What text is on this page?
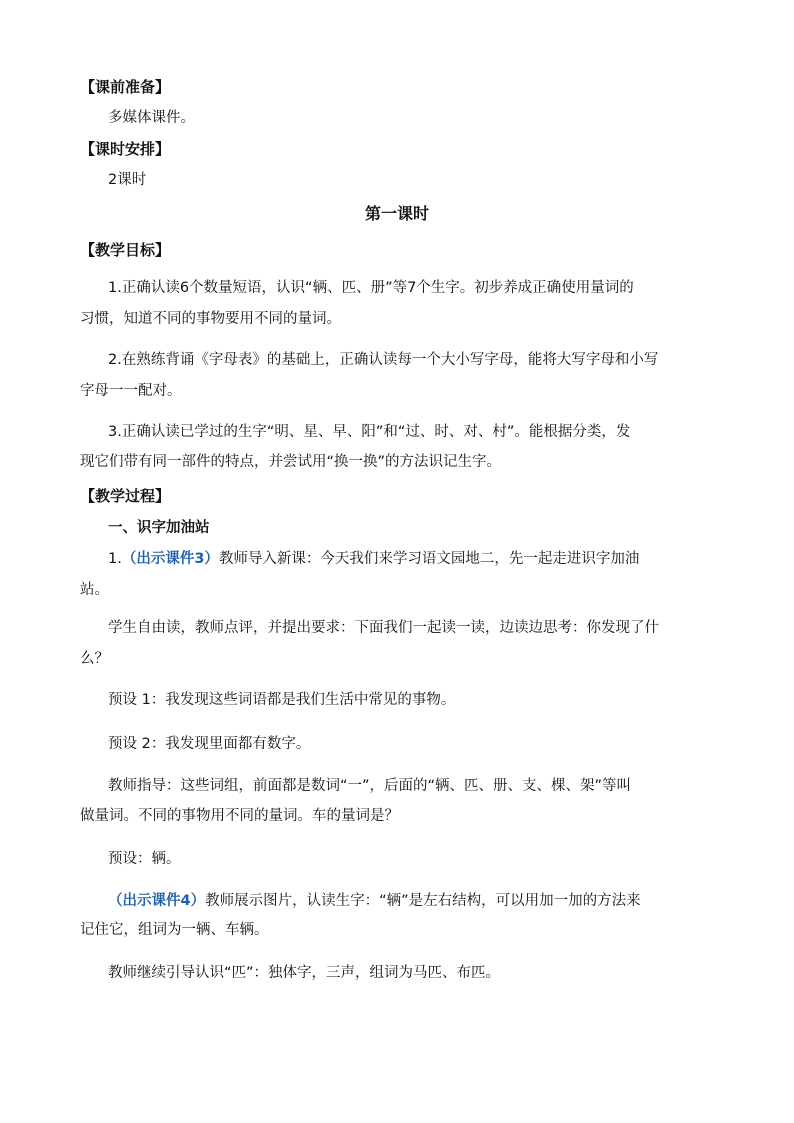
【课前准备】
多媒体课件。
【课时安排】
2课时
第一课时
【教学目标】
1.正确认读6个数量短语，认识“辆、匹、册”等7个生字。初步养成正确使用量词的
习惯，知道不同的事物要用不同的量词。
2.在熟练背诵《字母表》的基础上，正确认读每一个大小写字母，能将大写字母和小写
字母一一配对。
3.正确认读已学过的生字“明、星、早、阳”和“过、时、对、村”。能根据分类，发
现它们带有同一部件的特点，并尝试用“换一换”的方法识记生字。
【教学过程】
一、识字加油站
1.（出示课件3）教师导入新课：今天我们来学习语文园地二，先一起走进识字加油
站。
学生自由读，教师点评，并提出要求：下面我们一起读一读，边读边思考：你发现了什
么？
预设 1：我发现这些词语都是我们生活中常见的事物。
预设 2：我发现里面都有数字。
教师指导：这些词组，前面都是数词“一”，后面的“辆、匹、册、支、棵、架”等叫
做量词。不同的事物用不同的量词。车的量词是？
预设：辆。
（出示课件4）教师展示图片，认读生字：“辆”是左右结构，可以用加一加的方法来
记住它，组词为一辆、车辆。
教师继续引导认识“匹”：独体字，三声，组词为马匹、布匹。
